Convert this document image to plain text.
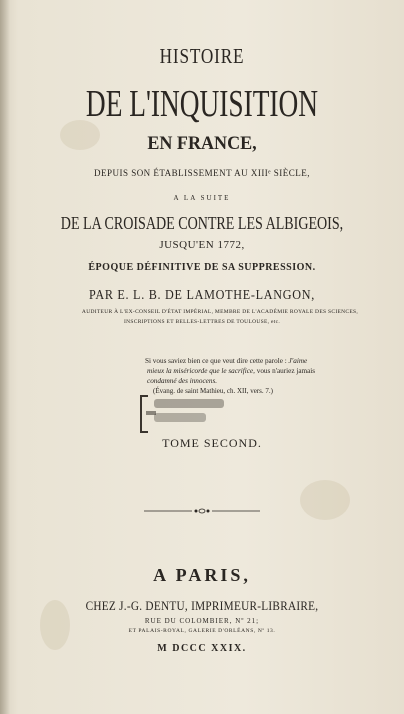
HISTOIRE
DE L'INQUISITION
EN FRANCE,
DEPUIS SON ÉTABLISSEMENT AU XIIIᵉ SIÈCLE,
A LA SUITE
DE LA CROISADE CONTRE LES ALBIGEOIS,
JUSQU'EN 1772,
ÉPOQUE DÉFINITIVE DE SA SUPPRESSION.
PAR E. L. B. DE LAMOTHE-LANGON,
AUDITEUR À L'EX-CONSEIL D'ÉTAT IMPÉRIAL, MEMBRE DE L'ACADÉMIE ROYALE DES SCIENCES,
INSCRIPTIONS ET BELLES-LETTRES DE TOULOUSE, etc.
Si vous saviez bien ce que veut dire cette parole : J'aime
mieux la miséricorde que le sacrifice, vous n'auriez jamais
condamné des innocens.
(Évang. de saint Mathieu, ch. XII, vers. 7.)
TOME SECOND.
A PARIS,
CHEZ J.-G. DENTU, IMPRIMEUR-LIBRAIRE,
RUE DU COLOMBIER, Nº 21;
ET PALAIS-ROYAL, GALERIE D'ORLÉANS, Nº 13.
M DCCC XXIX.
